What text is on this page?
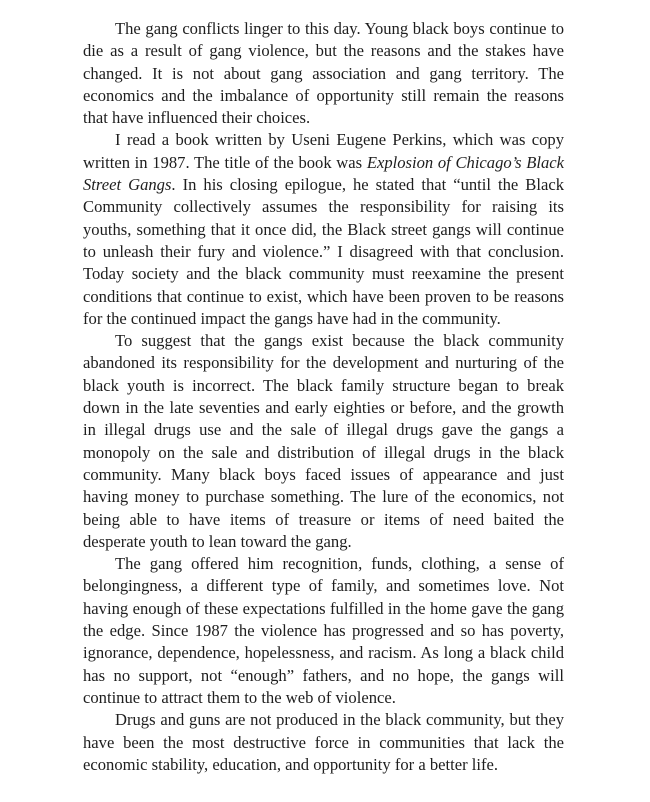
The gang conflicts linger to this day. Young black boys continue to die as a result of gang violence, but the reasons and the stakes have changed. It is not about gang association and gang territory. The economics and the imbalance of opportunity still remain the reasons that have influenced their choices.

I read a book written by Useni Eugene Perkins, which was copy written in 1987. The title of the book was Explosion of Chicago’s Black Street Gangs. In his closing epilogue, he stated that “until the Black Community collectively assumes the responsibility for raising its youths, something that it once did, the Black street gangs will continue to unleash their fury and violence.” I disagreed with that conclusion. Today society and the black community must reexamine the present conditions that continue to exist, which have been proven to be reasons for the continued impact the gangs have had in the community.

To suggest that the gangs exist because the black community abandoned its responsibility for the development and nurturing of the black youth is incorrect. The black family structure began to break down in the late seventies and early eighties or before, and the growth in illegal drugs use and the sale of illegal drugs gave the gangs a monopoly on the sale and distribution of illegal drugs in the black community. Many black boys faced issues of appearance and just having money to purchase something. The lure of the economics, not being able to have items of treasure or items of need baited the desperate youth to lean toward the gang.

The gang offered him recognition, funds, clothing, a sense of belongingness, a different type of family, and sometimes love. Not having enough of these expectations fulfilled in the home gave the gang the edge. Since 1987 the violence has progressed and so has poverty, ignorance, dependence, hopelessness, and racism. As long a black child has no support, not “enough” fathers, and no hope, the gangs will continue to attract them to the web of violence.

Drugs and guns are not produced in the black community, but they have been the most destructive force in communities that lack the economic stability, education, and opportunity for a better life.
